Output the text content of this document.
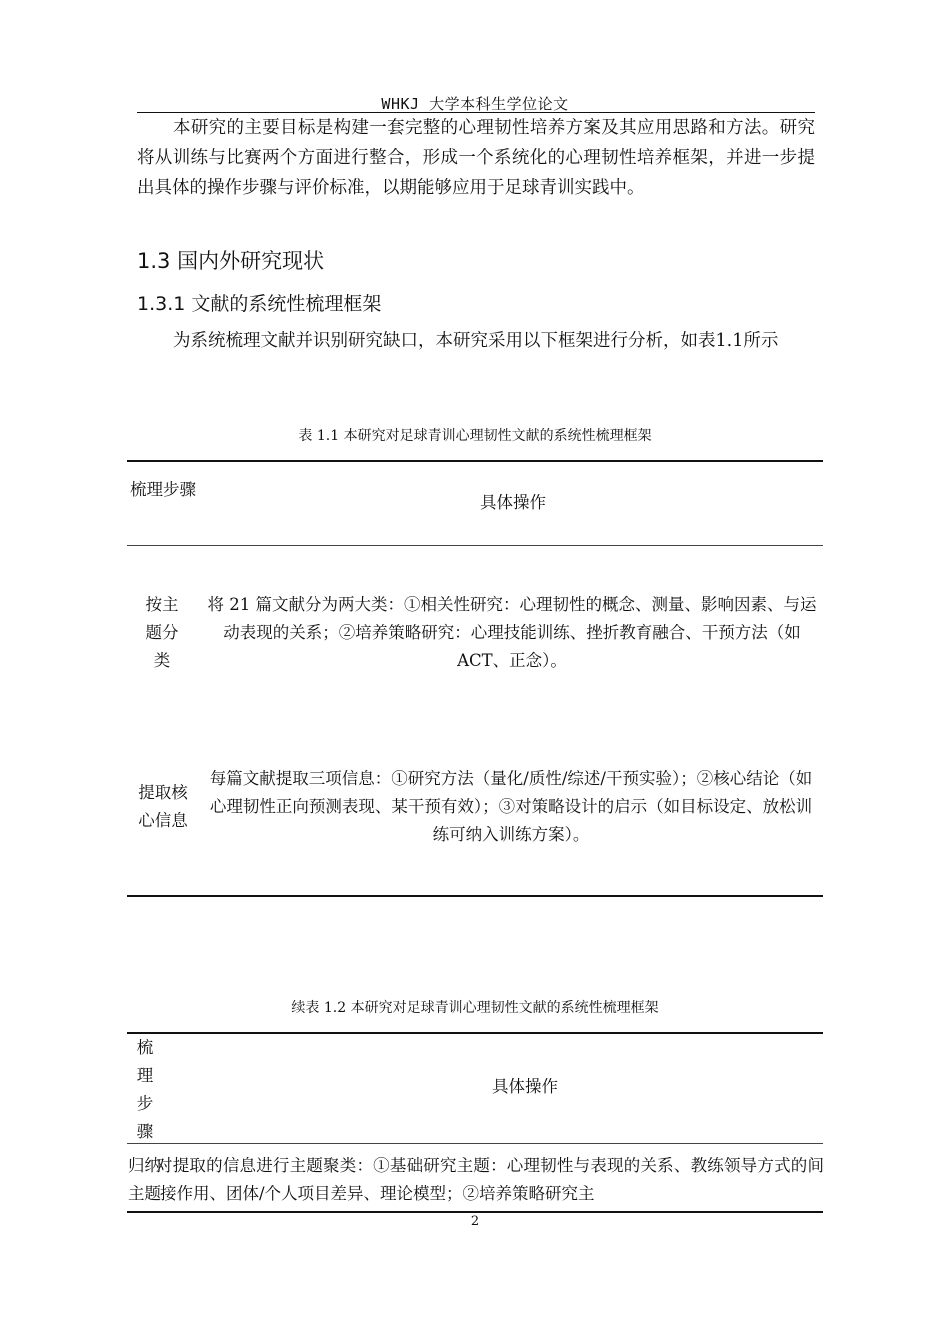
WHKJ 大学本科生学位论文

本研究的主要目标是构建一套完整的心理韧性培养方案及其应用思路和方法。研究将从训练与比赛两个方面进行整合，形成一个系统化的心理韧性培养框架，并进一步提出具体的操作步骤与评价标准，以期能够应用于足球青训实践中。

1.3 国内外研究现状
1.3.1 文献的系统性梳理框架

为系统梳理文献并识别研究缺口，本研究采用以下框架进行分析，如表1.1所示

表 1.1 本研究对足球青训心理韧性文献的系统性梳理框架
梳理步骤
具体操作
按主题分类
将 21 篇文献分为两大类：①相关性研究：心理韧性的概念、测量、影响因素、与运动表现的关系；②培养策略研究：心理技能训练、挫折教育融合、干预方法（如 ACT、正念）。
提取核心信息
每篇文献提取三项信息：①研究方法（量化/质性/综述/干预实验）；②核心结论（如心理韧性正向预测表现、某干预有效）；③对策略设计的启示（如目标设定、放松训练可纳入训练方案）。
续表 1.2 本研究对足球青训心理韧性文献的系统性梳理框架
梳理步骤
具体操作
归纳主题
对提取的信息进行主题聚类：①基础研究主题：心理韧性与表现的关系、教练领导方式的间接作用、团体/个人项目差异、理论模型；②培养策略研究主
2
